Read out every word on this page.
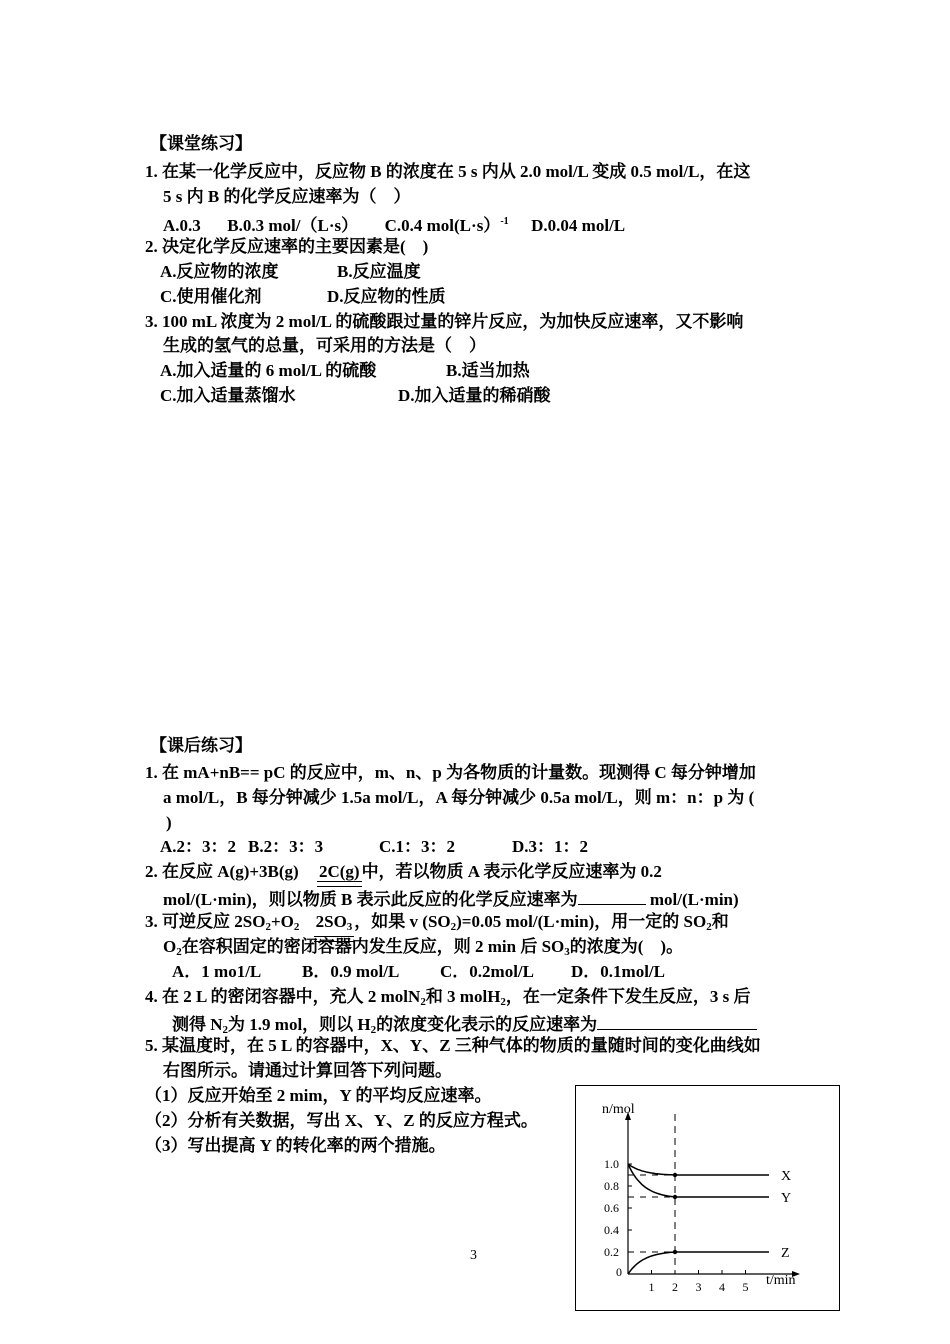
【课堂练习】
1. 在某一化学反应中，反应物 B 的浓度在 5 s 内从 2.0 mol/L 变成 0.5 mol/L，在这
5 s 内 B 的化学反应速率为（　）
A.0.3 B.0.3 mol/（L·s） C.0.4 mol(L·s）$^{-1}$ D.0.04 mol/L
2. 决定化学反应速率的主要因素是(　)
A.反应物的浓度	B.反应温度
C.使用催化剂	D.反应物的性质
3. 100 mL 浓度为 2 mol/L 的硫酸跟过量的锌片反应，为加快反应速率，又不影响
生成的氢气的总量，可采用的方法是（　）
A.加入适量的 6 mol/L 的硫酸	B.适当加热
C.加入适量蒸馏水	D.加入适量的稀硝酸
【课后练习】
1. 在 mA+nB== pC 的反应中，m、n、p 为各物质的计量数。现测得 C 每分钟增加
a mol/L，B 每分钟减少 1.5a mol/L，A 每分钟减少 0.5a mol/L，则 m：n：p 为 (
)
A.2：3：2 B.2：3：3	C.1：3：2	D.3：1：2
2. 在反应 A(g)+3B(g) 2C(g) 中，若以物质 A 表示化学反应速率为 0.2
mol/(L·min)，则以物质 B 表示此反应的化学反应速率为	mol/(L·min)
3. 可逆反应 $2SO_2+O_2$ $2SO_3$ ，如果 v $(SO_2)=0.05$ mol/(L·min)，用一定的 $SO_2$和
$O_2$在容积固定的密闭容器内发生反应，则 2 min 后 $SO_3$的浓度为(　)。
A．1 mo1/L B．0.9 mol/L C．0.2mol/L D．0.1mol/L
4. 在 2 L 的密闭容器中，充人 2 molN$_2$和 3 molH$_2$，在一定条件下发生反应，3 s 后
测得 $N_2$为 1.9 mol，则以 $H_2$的浓度变化表示的反应速率为
5. 某温度时，在 5 L 的容器中，X、Y、Z 三种气体的物质的量随时间的变化曲线如
右图所示。请通过计算回答下列问题。
（1）反应开始至 2 mim，Y 的平均反应速率。
（2）分析有关数据，写出 X、Y、Z 的反应方程式。
（3）写出提高 Y 的转化率的两个措施。
3
n/mol
t/min
0
1.0
0.8
0.6
0.4
0.2
1 2 3 4 5
X
Y
Z
